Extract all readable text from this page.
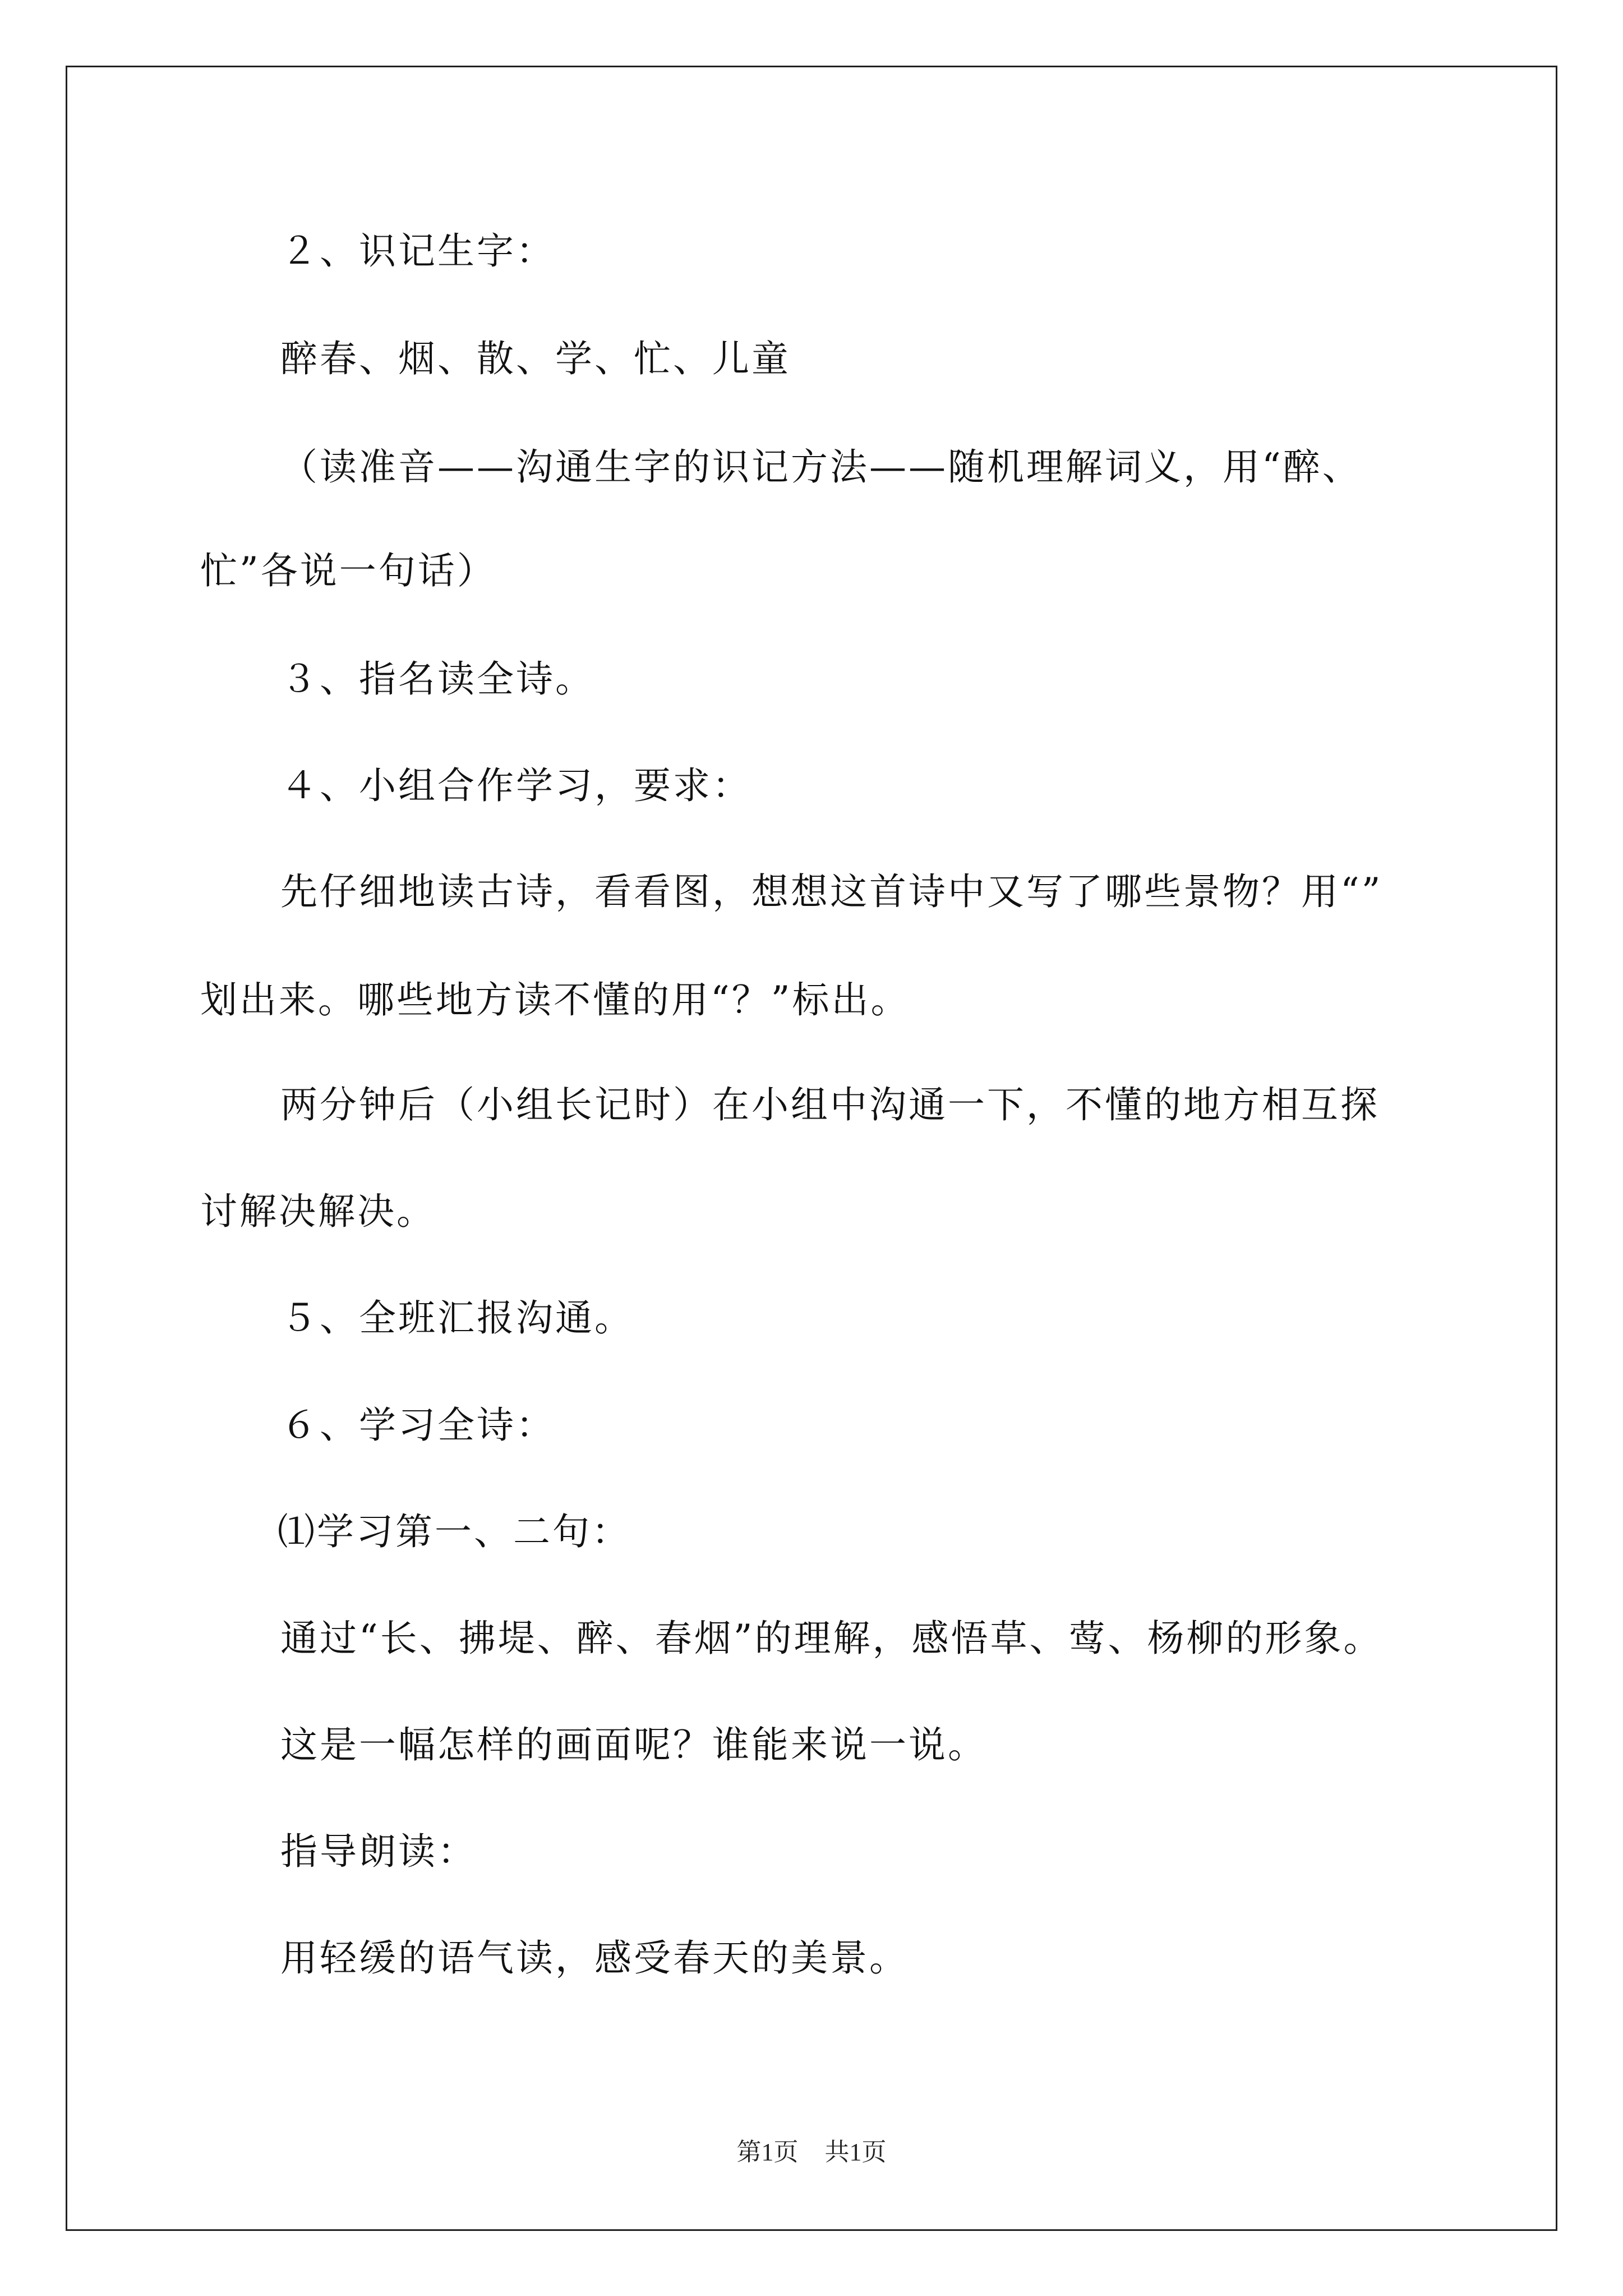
２、识记生字：
醉春、烟、散、学、忙、儿童
（读准音——沟通生字的识记方法——随机理解词义，用“醉、
忙”各说一句话）
３、指名读全诗。
４、小组合作学习，要求：
先仔细地读古诗，看看图，想想这首诗中又写了哪些景物？用“”
划出来。哪些地方读不懂的用“？”标出。
两分钟后（小组长记时）在小组中沟通一下，不懂的地方相互探
讨解决解决。
５、全班汇报沟通。
６、学习全诗：
⑴学习第一、二句：
通过“长、拂堤、醉、春烟”的理解，感悟草、莺、杨柳的形象。
这是一幅怎样的画面呢？谁能来说一说。
指导朗读：
用轻缓的语气读，感受春天的美景。
第1页 共1页
